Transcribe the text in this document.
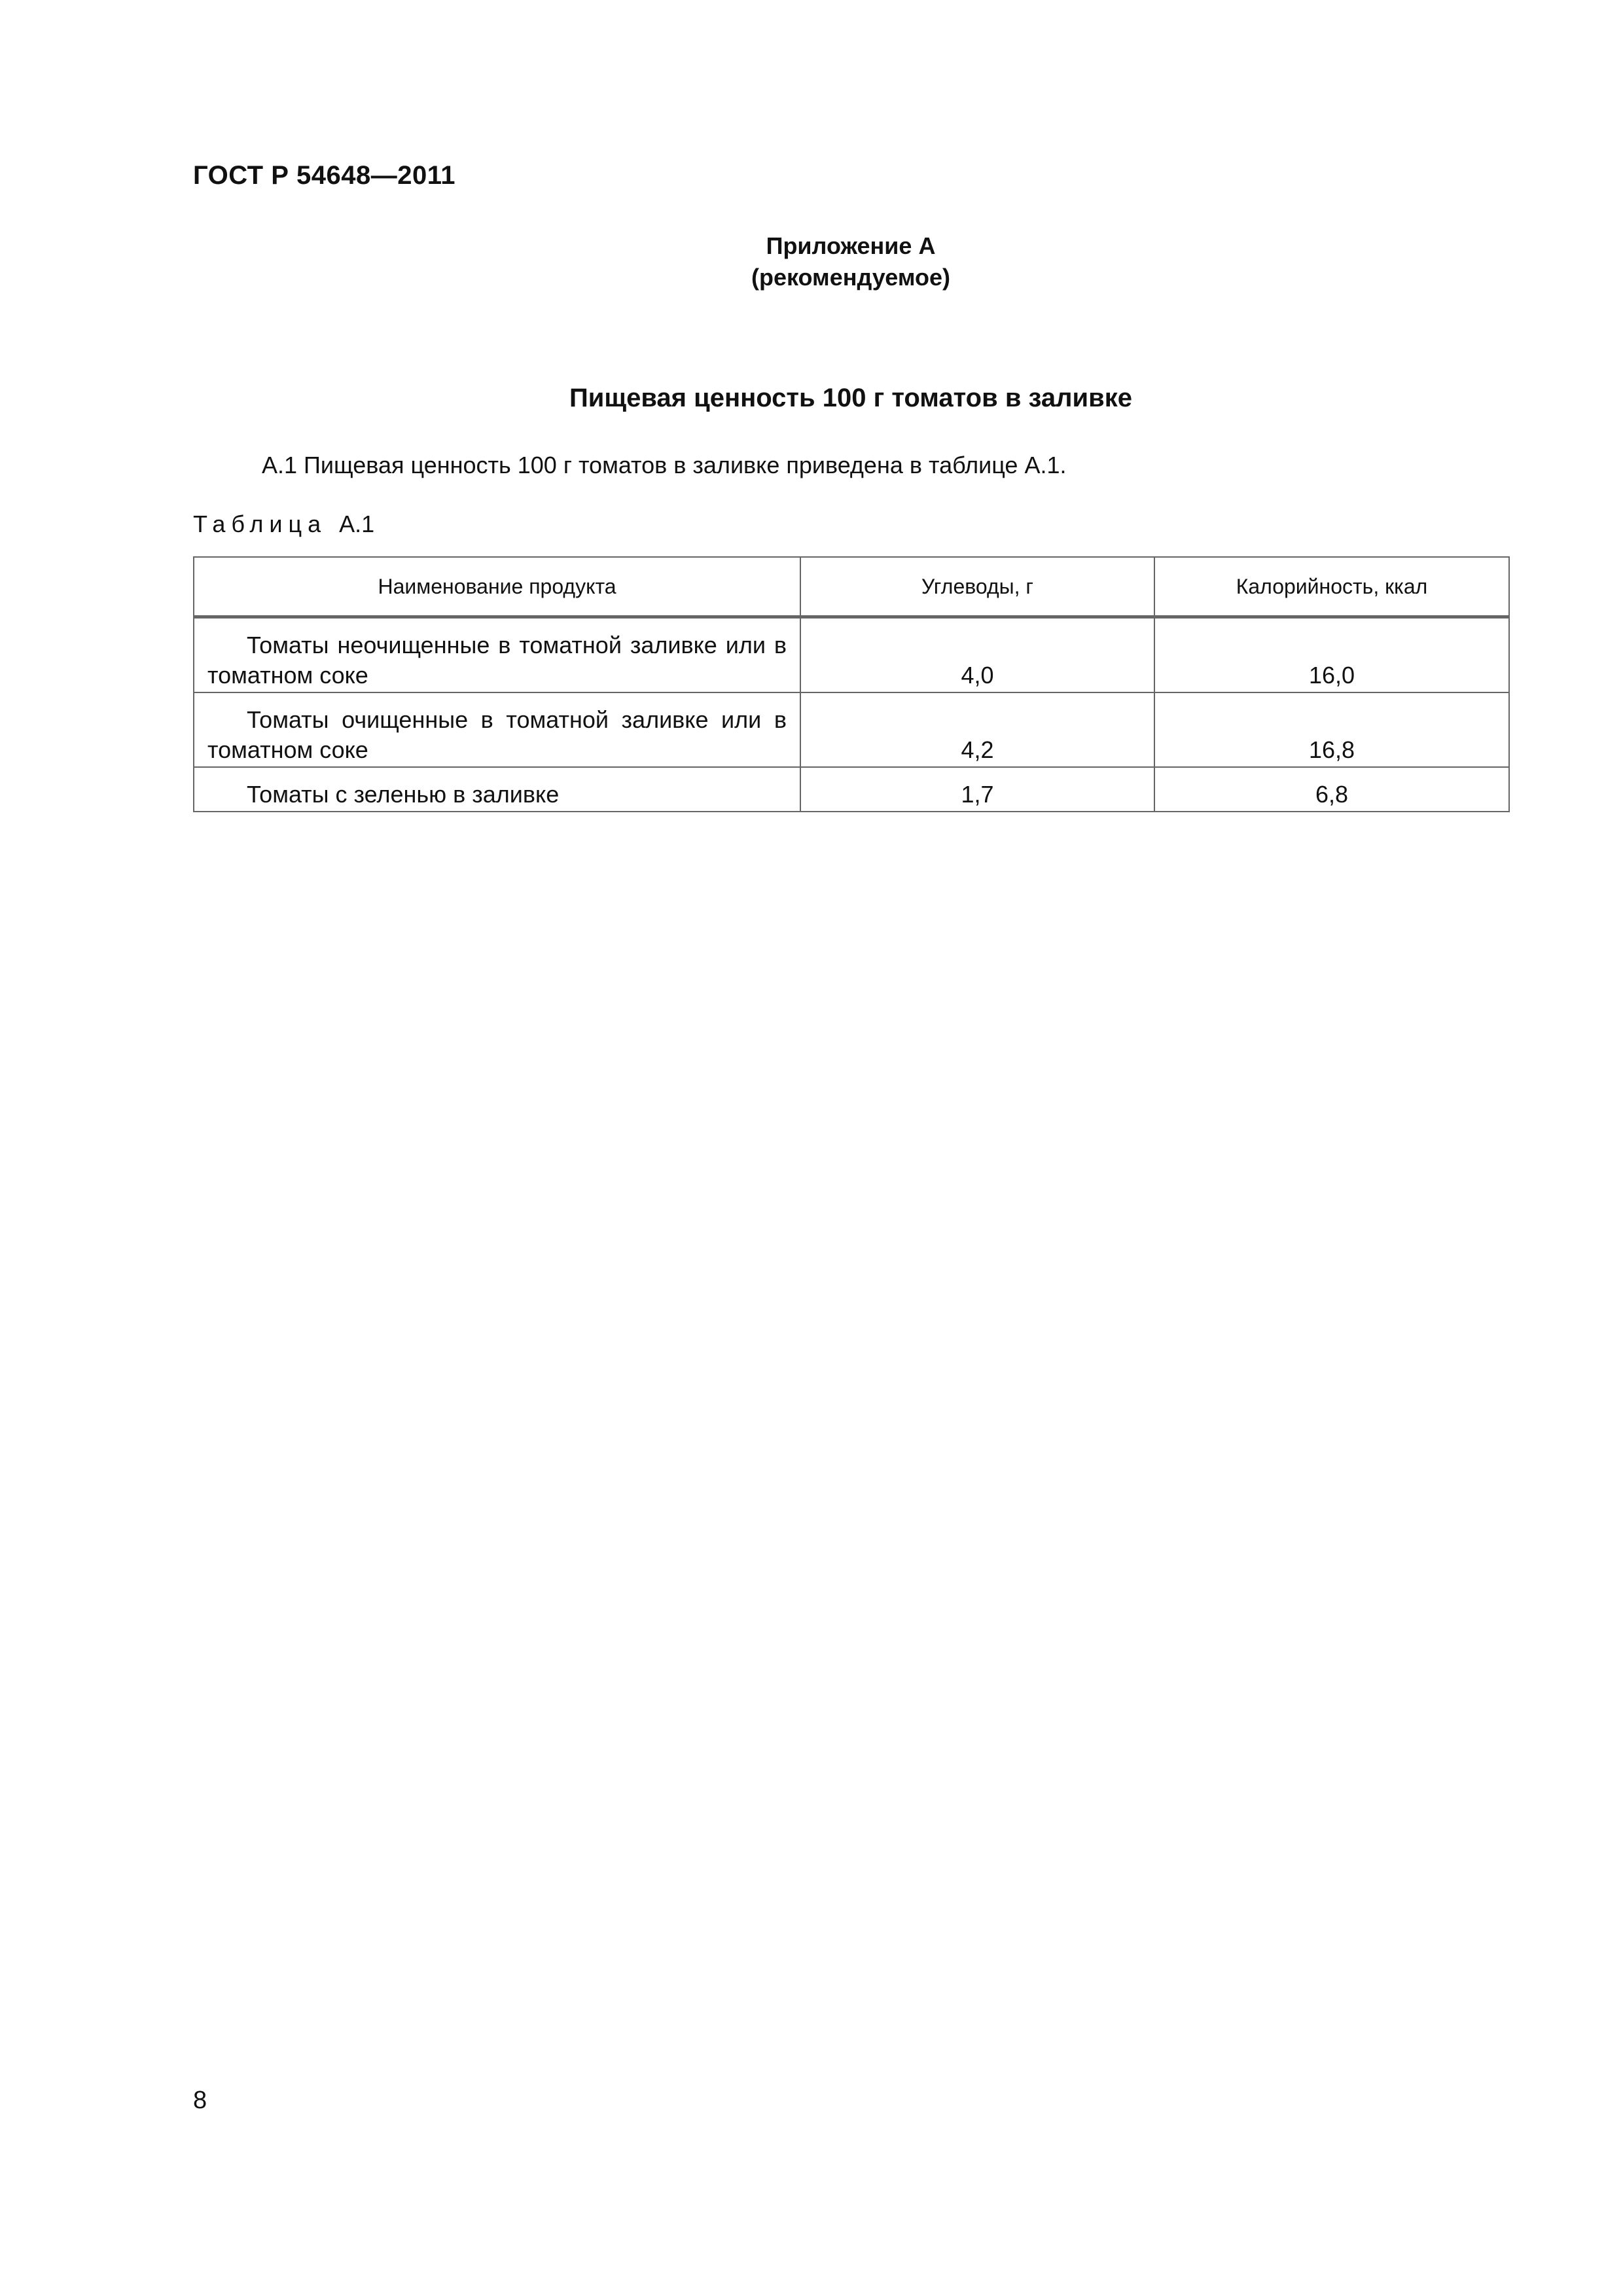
ГОСТ Р 54648—2011
Приложение А
(рекомендуемое)
Пищевая ценность 100 г томатов в заливке
А.1 Пищевая ценность 100 г томатов в заливке приведена в таблице А.1.
Таблица А.1
Наименование продукта	Углеводы, г	Калорийность, ккал
Томаты неочищенные в томатной заливке или в томатном соке	4,0	16,0
Томаты очищенные в томатной заливке или в томатном соке	4,2	16,8
Томаты с зеленью в заливке	1,7	6,8
8
